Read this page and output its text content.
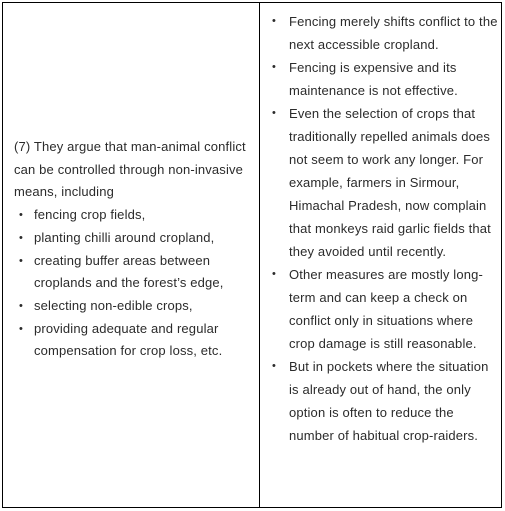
(7) They argue that man-animal conflict can be controlled through non-invasive means, including

• fencing crop fields,
• planting chilli around cropland,
• creating buffer areas between croplands and the forest’s edge,
• selecting non-edible crops,
• providing adequate and regular compensation for crop loss, etc.
• Fencing merely shifts conflict to the next accessible cropland.
• Fencing is expensive and its maintenance is not effective.
• Even the selection of crops that traditionally repelled animals does not seem to work any longer. For example, farmers in Sirmour, Himachal Pradesh, now complain that monkeys raid garlic fields that they avoided until recently.
• Other measures are mostly long-term and can keep a check on conflict only in situations where crop damage is still reasonable.
• But in pockets where the situation is already out of hand, the only option is often to reduce the number of habitual crop-raiders.
